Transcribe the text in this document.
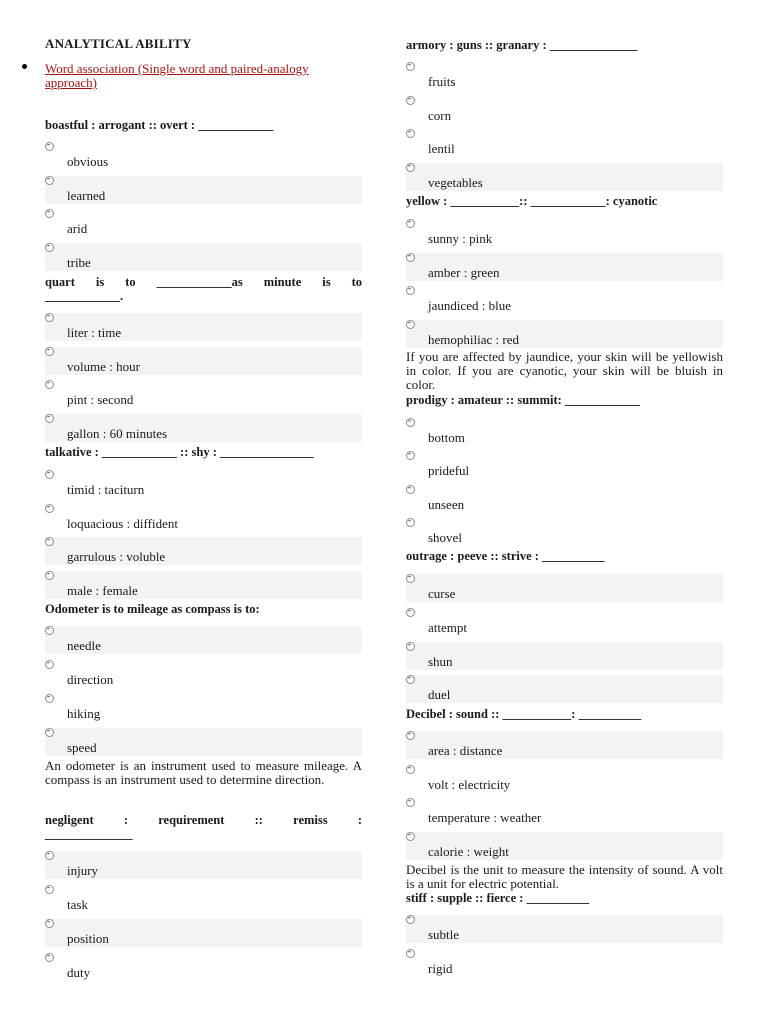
ANALYTICAL ABILITY
Word association (Single word and paired-analogy approach)
boastful : arrogant :: overt : ____________
obvious
learned
arid
tribe
quart is to ____________as minute is to
____________.
liter : time
volume : hour
pint : second
gallon : 60 minutes
talkative : ____________ :: shy : _______________
timid : taciturn
loquacious : diffident
garrulous : voluble
male : female
Odometer is to mileage as compass is to:
needle
direction
hiking
speed
An odometer is an instrument used to measure mileage. A compass is an instrument used to determine direction.
negligent : requirement :: remiss :
______________
injury
task
position
duty
armory : guns :: granary : ______________
fruits
corn
lentil
vegetables
yellow : ___________:: ____________: cyanotic
sunny : pink
amber : green
jaundiced : blue
hemophiliac : red
If you are affected by jaundice, your skin will be yellowish in color. If you are cyanotic, your skin will be bluish in color.
prodigy : amateur :: summit: ____________
bottom
prideful
unseen
shovel
outrage : peeve :: strive : __________
curse
attempt
shun
duel
Decibel : sound :: ___________: __________
area : distance
volt : electricity
temperature : weather
calorie : weight
Decibel is the unit to measure the intensity of sound. A volt is a unit for electric potential.
stiff : supple :: fierce : __________
subtle
rigid
